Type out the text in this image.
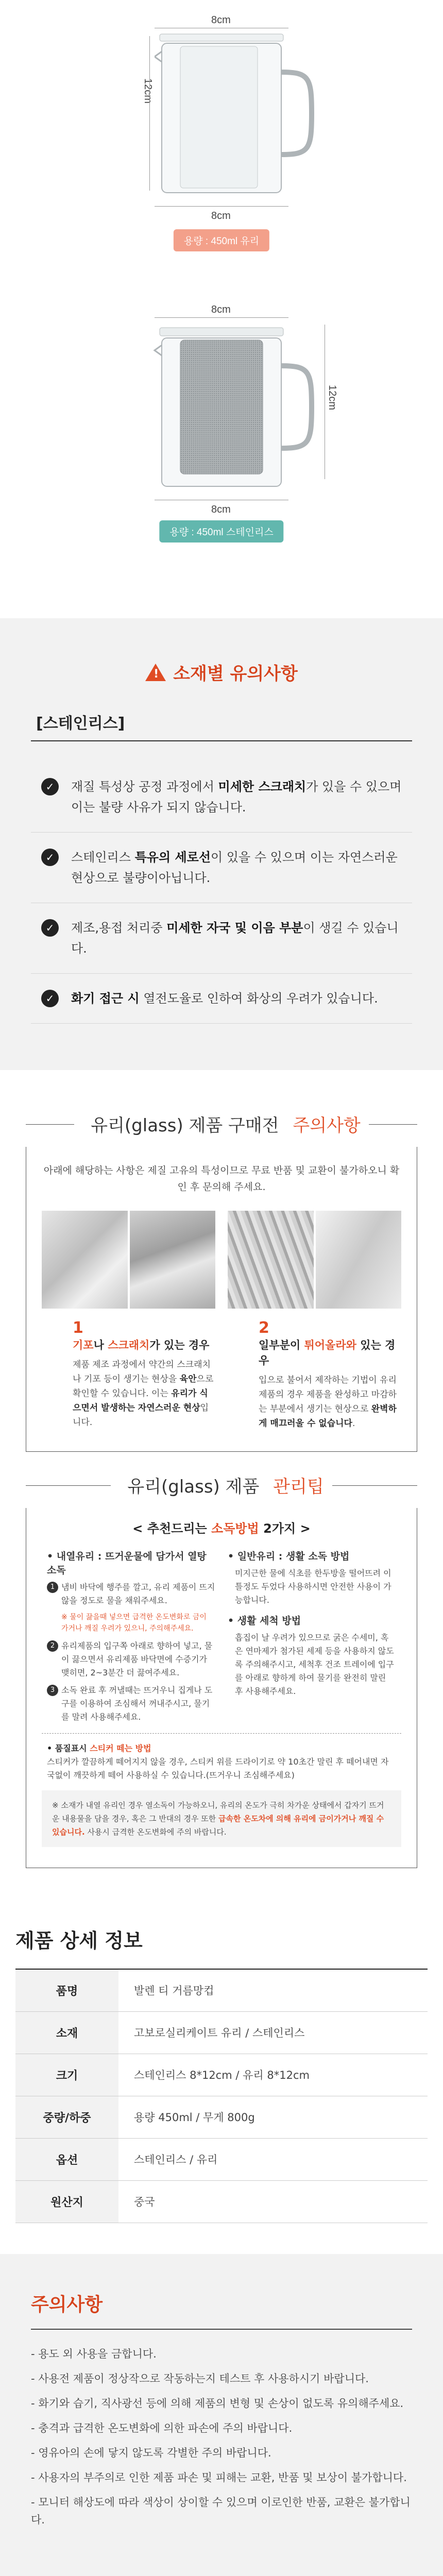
8cm
12cm
8cm
용량 : 450ml 유리
8cm
12cm
8cm
용량 : 450ml 스테인리스
! 소재별 유의사항
[스테인리스]
✓	재질 특성상 공정 과정에서 미세한 스크래치가 있을 수 있으며 이는 불량 사유가 되지 않습니다.

✓	스테인리스 특유의 세로선이 있을 수 있으며 이는 자연스러운 현상으로 불량이아닙니다.

✓	제조,용접 처리중 미세한 자국 및 이음 부분이 생길 수 있습니다.

✓	화기 접근 시 열전도율로 인하여 화상의 우려가 있습니다.

유리(glass) 제품 구매전 주의사항

아래에 해당하는 사항은 제질 고유의 특성이므로 무료 반품 및 교환이 불가하오니 확인 후 문의해 주세요.

1
기포나 스크래치가 있는 경우

제품 제조 과정에서 약간의 스크래치나 기포 등이 생기는 현상을 육안으로 확인할 수 있습니다. 이는 유리가 식으면서 발생하는 자연스러운 현상입니다.

2
일부분이 튀어올라와 있는 경우

입으로 불어서 제작하는 기법이 유리 제품의 경우 제품을 완성하고 마감하는 부분에서 생기는 현상으로 완벽하게 매끄러울 수 없습니다.

유리(glass) 제품 관리팁
< 추천드리는 소독방법 2가지 >
• 내열유리 : 뜨거운물에 담가서 열탕소독
1 냄비 바닥에 행주를 깔고, 유리 제품이 뜨지않을 정도로 물을 채워주세요.
※ 물이 끓을때 넣으면 급격한 온도변화로 금이 가거나 깨질 우려가 있으니, 주의해주세요.
2 유리제품의 입구쪽 아래로 향하여 넣고, 물이 끓으면서 유리제품 바닥면에 수증기가 맺히면, 2~3분간 더 끓여주세요.
3 소독 완료 후 꺼낼때는 뜨거우니 집게나 도구를 이용하여 조심해서 꺼내주시고, 물기를 말려 사용해주세요.
• 일반유리 : 생활 소독 방법

미지근한 물에 식초를 한두방울 떨어뜨려 이틀정도 두었다 사용하시면 안전한 사용이 가능합니다.

• 생활 세척 방법

흡집이 날 우려가 있으므로 굵은 수세미, 혹은 연마제가 첨가된 세제 등을 사용하지 않도록 주의해주시고, 세척후 건조 트레이에 입구를 아래로 향하게 하여 물기를 완전히 말린 후 사용해주세요.

• 품질표시 스티커 떼는 방법

스티커가 깔끔하게 떼어지지 않을 경우, 스티커 위를 드라이기로 약 10초간 말린 후 떼어내면 자국없이 깨끗하게 떼어 사용하실 수 있습니다.(뜨거우니 조심해주세요)

※ 소재가 내열 유리인 경우 열소독이 가능하오니, 유리의 온도가 극히 차가운 상태에서 갑자기 뜨거운 내용물을 담을 경우, 혹은 그 반대의 경우 또한 급속한 온도차에 의해 유리에 금이가거나 깨질 수 있습니다. 사용시 급격한 온도변화에 주의 바랍니다.
제품 상세 정보
품명	발렌 티 거름망컵
소재	고보로실리케이트 유리 / 스테인리스
크기	스테인리스 8*12cm / 유리 8*12cm
중량/하중	용량 450ml / 무게 800g
옵션	스테인리스 / 유리
원산지	중국
주의사항

- 용도 외 사용을 금합니다.

- 사용전 제품이 정상작으로 작동하는지 테스트 후 사용하시기 바랍니다.

- 화기와 습기, 직사광선 등에 의해 제품의 변형 및 손상이 없도록 유의해주세요.

- 충격과 급격한 온도변화에 의한 파손에 주의 바랍니다.

- 영유아의 손에 닿지 않도록 각별한 주의 바랍니다.

- 사용자의 부주의로 인한 제품 파손 및 피해는 교환, 반품 및 보상이 불가합니다.

- 모니터 해상도에 따라 색상이 상이할 수 있으며 이로인한 반품, 교환은 불가합니다.
